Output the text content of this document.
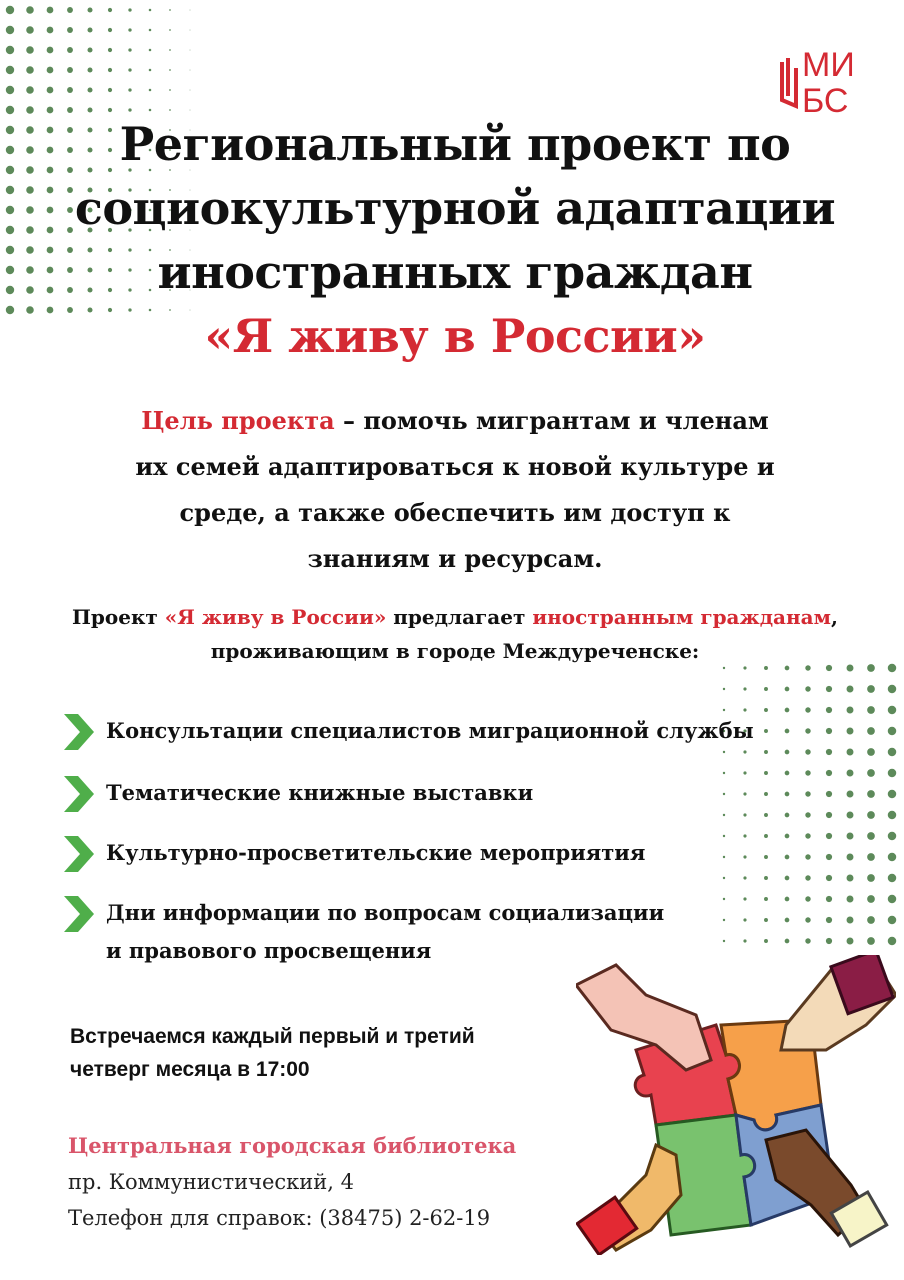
МИ
БС
Региональный проект по
социокультурной адаптации
иностранных граждан
«Я живу в России»
Цель проекта – помочь мигрантам и членам
их семей адаптироваться к новой культуре и
среде, а также обеспечить им доступ к
знаниям и ресурсам.
Проект «Я живу в России» предлагает иностранным гражданам,
проживающим в городе Междуреченске:
Консультации специалистов миграционной службы
Тематические книжные выставки
Культурно-просветительские мероприятия
Дни информации по вопросам социализации
и правового просвещения
Встречаемся каждый первый и третий
четверг месяца в 17:00
Центральная городская библиотека
пр. Коммунистический, 4
Телефон для справок: (38475) 2-62-19
